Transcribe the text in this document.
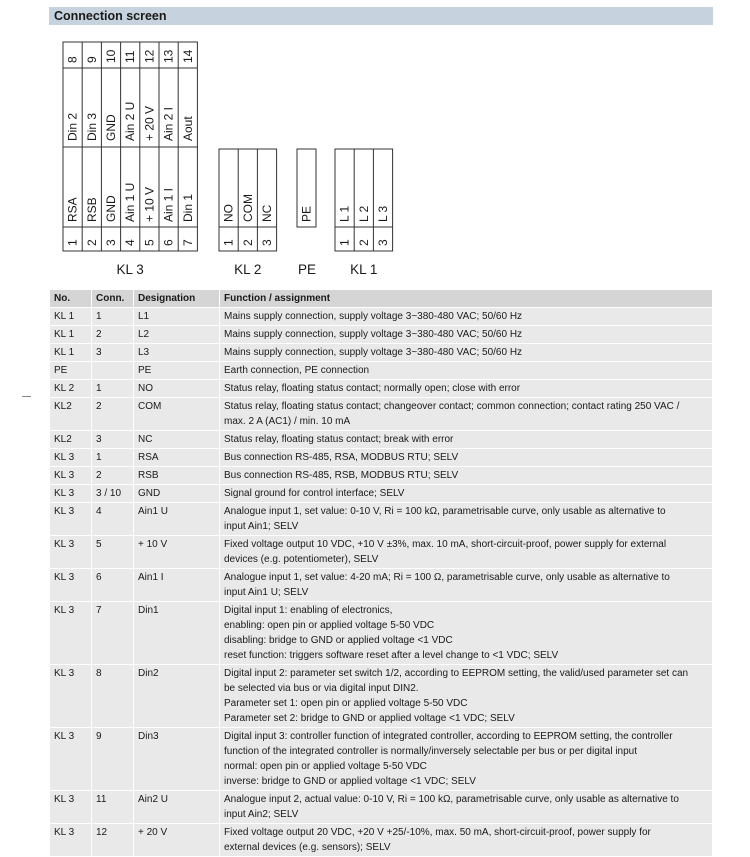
Connection screen
8
Din 2
9
Din 3
10
GND
11
Ain 2 U
12
+ 20 V
13
Ain 2 I
14
Aout
RSA
1
RSB
2
GND
3
Ain 1 U
4
+ 10 V
5
Ain 1 I
6
Din 1
7
KL 3
NO
1
COM
2
NC
3
KL 2
PE
PE
L 1
1
L 2
2
L 3
3
KL 1
No.	Conn.	Designation	Function / assignment
KL 1	1	L1	Mains supply connection, supply voltage 3~380-480 VAC; 50/60 Hz
KL 1	2	L2	Mains supply connection, supply voltage 3~380-480 VAC; 50/60 Hz
KL 1	3	L3	Mains supply connection, supply voltage 3~380-480 VAC; 50/60 Hz
PE		PE	Earth connection, PE connection
KL 2	1	NO	Status relay, floating status contact; normally open; close with error
KL2	2	COM	Status relay, floating status contact; changeover contact; common connection; contact rating 250 VAC /
max. 2 A (AC1) / min. 10 mA
KL2	3	NC	Status relay, floating status contact; break with error
KL 3	1	RSA	Bus connection RS-485, RSA, MODBUS RTU; SELV
KL 3	2	RSB	Bus connection RS-485, RSB, MODBUS RTU; SELV
KL 3	3 / 10	GND	Signal ground for control interface; SELV
KL 3	4	Ain1 U	Analogue input 1, set value: 0-10 V, Ri = 100 kΩ, parametrisable curve, only usable as alternative to
input Ain1; SELV
KL 3	5	+ 10 V	Fixed voltage output 10 VDC, +10 V ±3%, max. 10 mA, short-circuit-proof, power supply for external
devices (e.g. potentiometer), SELV
KL 3	6	Ain1 I	Analogue input 1, set value: 4-20 mA; Ri = 100 Ω, parametrisable curve, only usable as alternative to
input Ain1 U; SELV
KL 3	7	Din1	Digital input 1: enabling of electronics,
enabling: open pin or applied voltage 5-50 VDC
disabling: bridge to GND or applied voltage <1 VDC
reset function: triggers software reset after a level change to <1 VDC; SELV
KL 3	8	Din2	Digital input 2: parameter set switch 1/2, according to EEPROM setting, the valid/used parameter set can
be selected via bus or via digital input DIN2.
Parameter set 1: open pin or applied voltage 5-50 VDC
Parameter set 2: bridge to GND or applied voltage <1 VDC; SELV
KL 3	9	Din3	Digital input 3: controller function of integrated controller, according to EEPROM setting, the controller
function of the integrated controller is normally/inversely selectable per bus or per digital input
normal: open pin or applied voltage 5-50 VDC
inverse: bridge to GND or applied voltage <1 VDC; SELV
KL 3	11	Ain2 U	Analogue input 2, actual value: 0-10 V, Ri = 100 kΩ, parametrisable curve, only usable as alternative to
input Ain2; SELV
KL 3	12	+ 20 V	Fixed voltage output 20 VDC, +20 V +25/-10%, max. 50 mA, short-circuit-proof, power supply for
external devices (e.g. sensors); SELV
